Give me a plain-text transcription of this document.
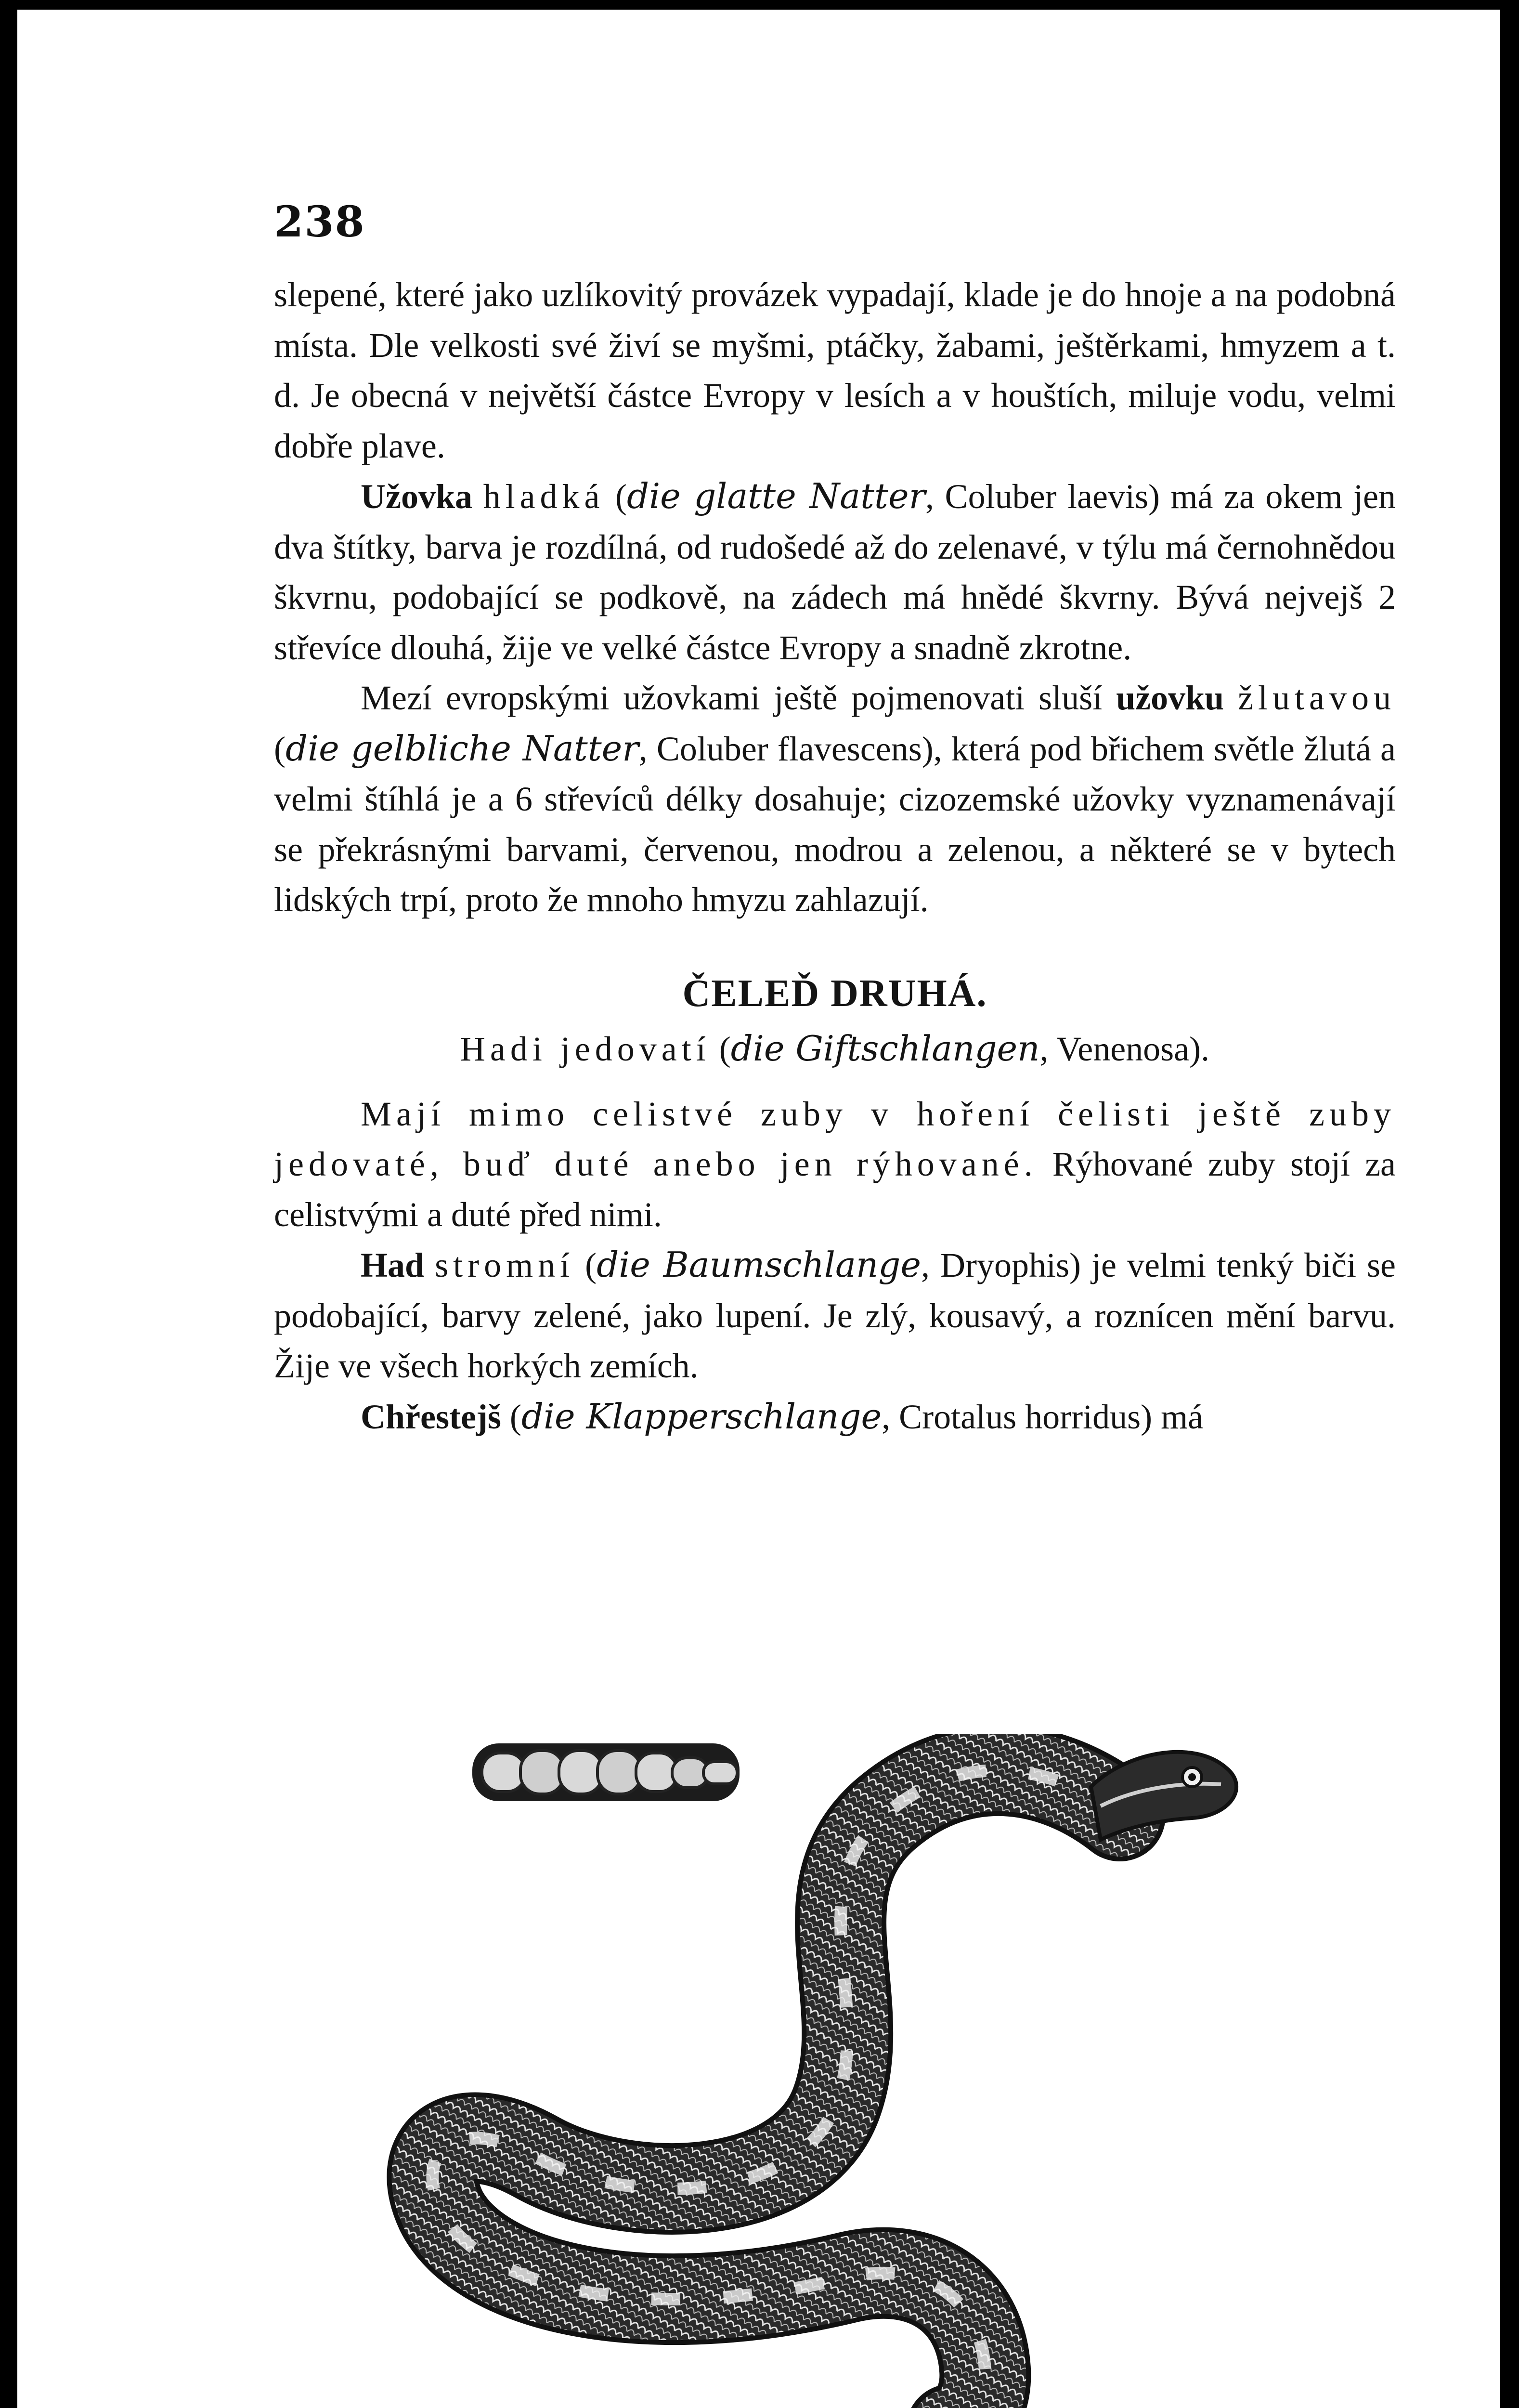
238

slepené, které jako uzlíkovitý provázek vypadají, klade je do hnoje a na podobná místa. Dle velkosti své živí se myšmi, ptáčky, žabami, ještěrkami, hmyzem a t. d. Je obecná v největší částce Evropy v lesích a v houštích, miluje vodu, velmi dobře plave.

Užovka hladká (die glatte Natter, Coluber laevis) má za okem jen dva štítky, barva je rozdílná, od rudošedé až do zelenavé, v týlu má černohnědou škvrnu, podobající se podkově, na zádech má hnědé škvrny. Bývá nejvejš 2 střevíce dlouhá, žije ve velké částce Evropy a snadně zkrotne.

Mezí evropskými užovkami ještě pojmenovati sluší užovku žlutavou (die gelbliche Natter, Coluber flavescens), která pod břichem světle žlutá a velmi štíhlá je a 6 střevíců délky dosahuje; cizozemské užovky vyznamenávají se překrásnými barvami, červenou, modrou a zelenou, a některé se v bytech lidských trpí, proto že mnoho hmyzu zahlazují.

ČELEĎ DRUHÁ.
Hadi jedovatí (die Giftschlangen, Venenosa).

Mají mimo celistvé zuby v hoření čelisti ještě zuby jedovaté, buď duté anebo jen rýhované. Rýhované zuby stojí za celistvými a duté před nimi.

Had stromní (die Baumschlange, Dryophis) je velmi tenký biči se podobající, barvy zelené, jako lupení. Je zlý, kousavý, a roznícen mění barvu. Žije ve všech horkých zemích.

Chřestejš (die Klapperschlange, Crotalus horridus) má
